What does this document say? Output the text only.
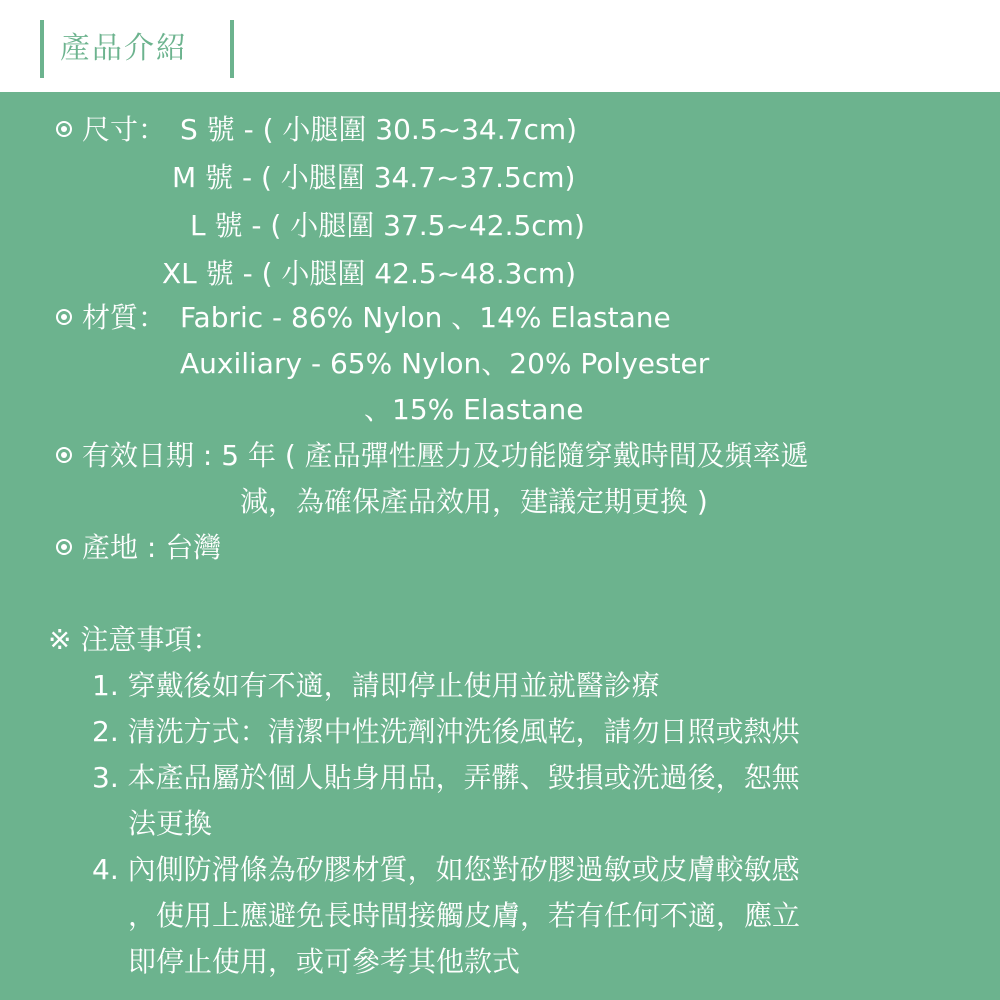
產品介紹
尺寸： S 號 - ( 小腿圍 30.5~34.7cm)
M 號 - ( 小腿圍 34.7~37.5cm)
L 號 - ( 小腿圍 37.5~42.5cm)
XL 號 - ( 小腿圍 42.5~48.3cm)
材質： Fabric - 86% Nylon 、14% Elastane
Auxiliary - 65% Nylon、20% Polyester
、15% Elastane
有效日期 : 5 年 ( 產品彈性壓力及功能隨穿戴時間及頻率遞
減，為確保產品效用，建議定期更換 )
產地 : 台灣
※ 注意事項：
1. 穿戴後如有不適，請即停止使用並就醫診療
2. 清洗方式：清潔中性洗劑沖洗後風乾，請勿日照或熱烘
3. 本產品屬於個人貼身用品，弄髒、毀損或洗過後，恕無
法更換
4. 內側防滑條為矽膠材質，如您對矽膠過敏或皮膚較敏感
，使用上應避免長時間接觸皮膚，若有任何不適，應立
即停止使用，或可參考其他款式
